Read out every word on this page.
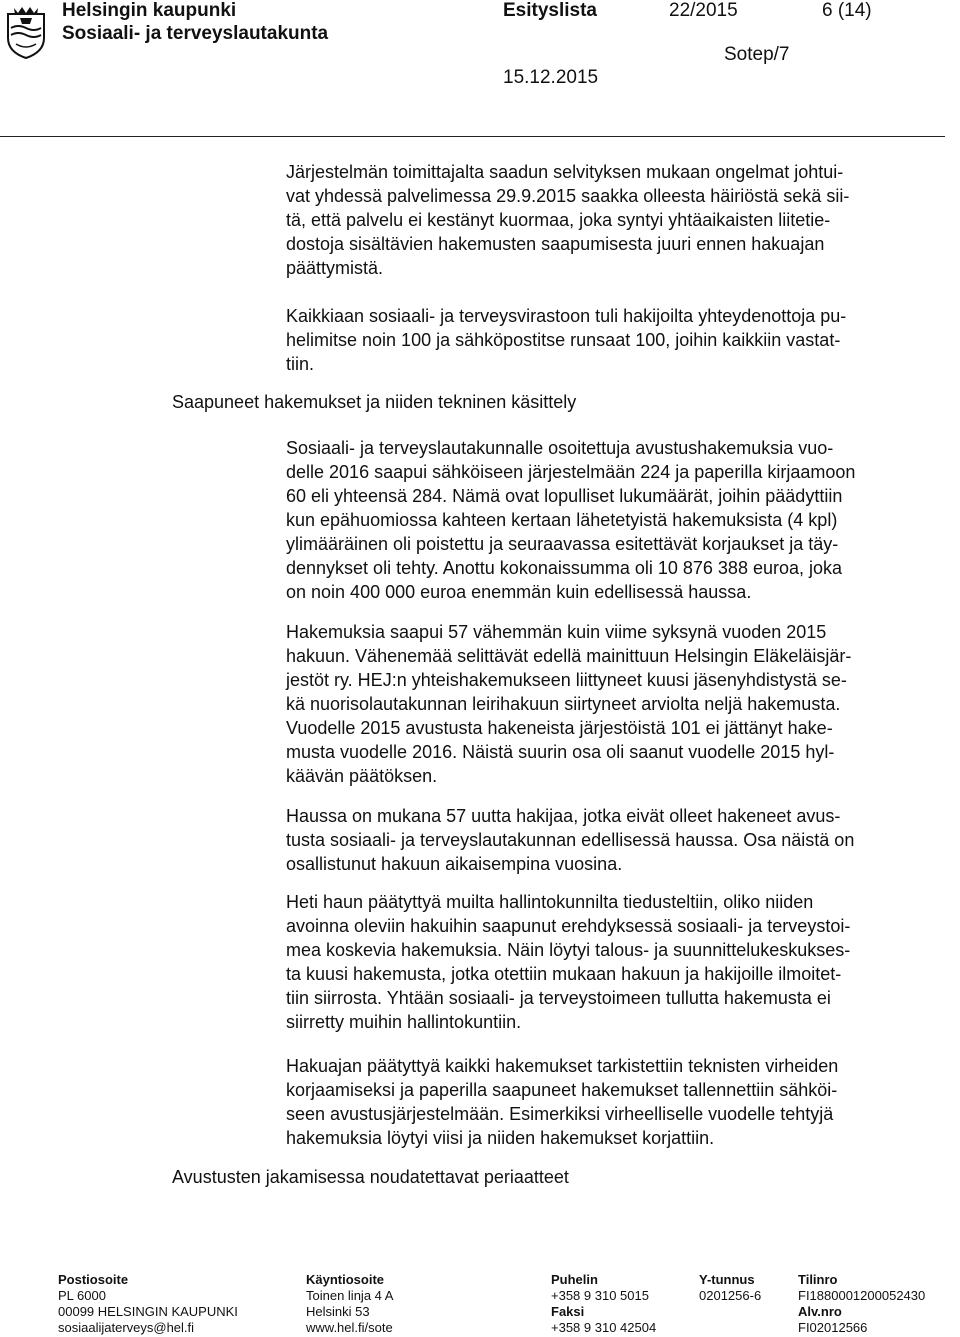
Helsingin kaupunki
Sosiaali- ja terveyslautakunta
Esityslista	22/2015	6 (14)
Sotep/7
15.12.2015
Järjestelmän toimittajalta saadun selvityksen mukaan ongelmat johtui-
vat yhdessä palvelimessa 29.9.2015 saakka olleesta häiriöstä sekä sii-
tä, että palvelu ei kestänyt kuormaa, joka syntyi yhtäaikaisten liitetie-
dostoja sisältävien hakemusten saapumisesta juuri ennen hakuajan
päättymistä.
Kaikkiaan sosiaali- ja terveysvirastoon tuli hakijoilta yhteydenottoja pu-
helimitse noin 100 ja sähköpostitse runsaat 100, joihin kaikkiin vastat-
tiin.
Saapuneet hakemukset ja niiden tekninen käsittely
Sosiaali- ja terveyslautakunnalle osoitettuja avustushakemuksia vuo-
delle 2016 saapui sähköiseen järjestelmään 224 ja paperilla kirjaamoon
60 eli yhteensä 284. Nämä ovat lopulliset lukumäärät, joihin päädyttiin
kun epähuomiossa kahteen kertaan lähetetyistä hakemuksista (4 kpl)
ylimääräinen oli poistettu ja seuraavassa esitettävät korjaukset ja täy-
dennykset oli tehty. Anottu kokonaissumma oli 10 876 388 euroa, joka
on noin 400 000 euroa enemmän kuin edellisessä haussa.
Hakemuksia saapui 57 vähemmän kuin viime syksynä vuoden 2015
hakuun. Vähenemää selittävät edellä mainittuun Helsingin Eläkeläisjär-
jestöt ry. HEJ:n yhteishakemukseen liittyneet kuusi jäsenyhdistystä se-
kä nuorisolautakunnan leirihakuun siirtyneet arviolta neljä hakemusta.
Vuodelle 2015 avustusta hakeneista järjestöistä 101 ei jättänyt hake-
musta vuodelle 2016. Näistä suurin osa oli saanut vuodelle 2015 hyl-
käävän päätöksen.
Haussa on mukana 57 uutta hakijaa, jotka eivät olleet hakeneet avus-
tusta sosiaali- ja terveyslautakunnan edellisessä haussa. Osa näistä on
osallistunut hakuun aikaisempina vuosina.
Heti haun päätyttyä muilta hallintokunnilta tiedusteltiin, oliko niiden
avoinna oleviin hakuihin saapunut erehdyksessä sosiaali- ja terveystoi-
mea koskevia hakemuksia. Näin löytyi talous- ja suunnittelukeskukses-
ta kuusi hakemusta, jotka otettiin mukaan hakuun ja hakijoille ilmoitet-
tiin siirrosta. Yhtään sosiaali- ja terveystoimeen tullutta hakemusta ei
siirretty muihin hallintokuntiin.
Hakuajan päätyttyä kaikki hakemukset tarkistettiin teknisten virheiden
korjaamiseksi ja paperilla saapuneet hakemukset tallennettiin sähköi-
seen avustusjärjestelmään. Esimerkiksi virheelliselle vuodelle tehtyjä
hakemuksia löytyi viisi ja niiden hakemukset korjattiin.
Avustusten jakamisessa noudatettavat periaatteet
Postiosoite
PL 6000
00099 HELSINGIN KAUPUNKI
sosiaalijaterveys@hel.fi
Käyntiosoite
Toinen linja 4 A
Helsinki 53
www.hel.fi/sote
Puhelin
+358 9 310 5015
Faksi
+358 9 310 42504
Y-tunnus
0201256-6
Tilinro
FI1880001200052430
Alv.nro
FI02012566
